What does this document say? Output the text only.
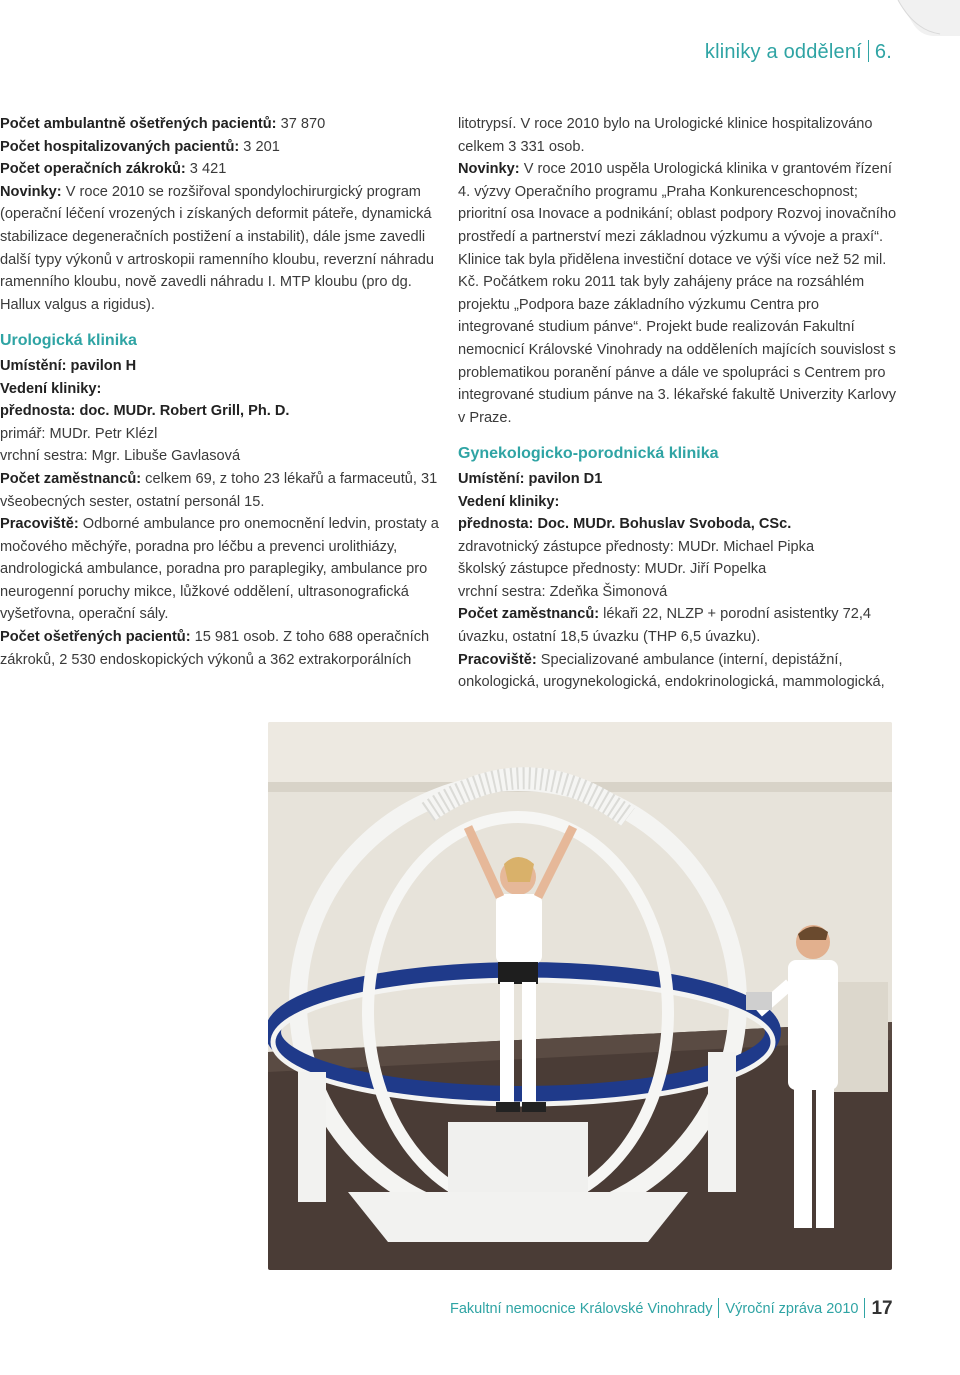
kliniky a oddělení 6.

Počet ambulantně ošetřených pacientů: 37 870

Počet hospitalizovaných pacientů: 3 201

Počet operačních zákroků: 3 421

Novinky: V roce 2010 se rozšiřoval spondylochirurgický program (operační léčení vrozených i získaných deformit páteře, dynamická stabilizace degeneračních postižení a instabilit), dále jsme zavedli další typy výkonů v artroskopii ramenního kloubu, reverzní náhradu ramenního kloubu, nově zavedli náhradu I. MTP kloubu (pro dg. Hallux valgus a rigidus).

Urologická klinika

Umístění: pavilon H

Vedení kliniky:

přednosta: doc. MUDr. Robert Grill, Ph. D.

primář: MUDr. Petr Klézl

vrchní sestra: Mgr. Libuše Gavlasová

Počet zaměstnanců: celkem 69, z toho 23 lékařů a farmaceutů, 31 všeobecných sester, ostatní personál 15.

Pracoviště: Odborné ambulance pro onemocnění ledvin, prostaty a močového měchýře, poradna pro léčbu a prevenci urolithiázy, andrologická ambulance, poradna pro paraplegiky, ambulance pro neurogenní poruchy mikce, lůžkové oddělení, ultrasonografická vyšetřovna, operační sály.

Počet ošetřených pacientů: 15 981 osob. Z toho 688 operačních zákroků, 2 530 endoskopických výkonů a 362 extrakorporálních

litotrypsí. V roce 2010 bylo na Urologické klinice hospitalizováno celkem 3 331 osob.

Novinky: V roce 2010 uspěla Urologická klinika v grantovém řízení 4. výzvy Operačního programu „Praha Konkurenceschopnost; prioritní osa Inovace a podnikání; oblast podpory Rozvoj inovačního prostředí a partnerství mezi základnou výzkumu a vývoje a praxí“. Klinice tak byla přidělena investiční dotace ve výši více než 52 mil. Kč. Počátkem roku 2011 tak byly zahájeny práce na rozsáhlém projektu „Podpora baze základního výzkumu Centra pro integrované studium pánve“. Projekt bude realizován Fakultní nemocnicí Královské Vinohrady na odděleních majících souvislost s problematikou poranění pánve a dále ve spolupráci s Centrem pro integrované studium pánve na 3. lékařské fakultě Univerzity Karlovy v Praze.

Gynekologicko-porodnická klinika

Umístění: pavilon D1

Vedení kliniky:

přednosta: Doc. MUDr. Bohuslav Svoboda, CSc.

zdravotnický zástupce přednosty: MUDr. Michael Pipka

školský zástupce přednosty: MUDr. Jiří Popelka

vrchní sestra: Zdeňka Šimonová

Počet zaměstnanců: lékaři 22, NLZP + porodní asistentky 72,4 úvazku, ostatní 18,5 úvazku (THP 6,5 úvazku).

Pracoviště: Specializované ambulance (interní, depistážní, onkologická, urogynekologická, endokrinologická, mammologická,

Fakultní nemocnice Královské Vinohrady Výroční zpráva 2010 17
